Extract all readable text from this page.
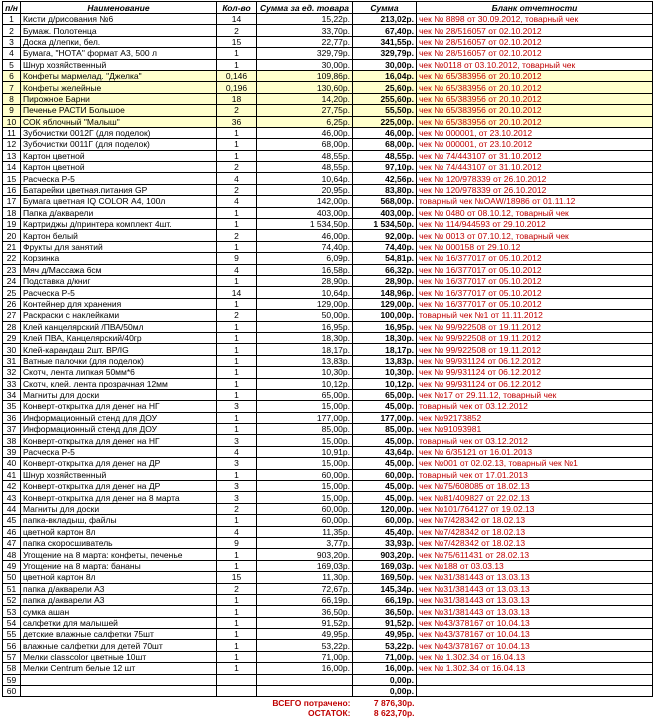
п/н	Наименование	Кол-во	Сумма за ед. товара	Сумма	Бланк отчетности
1	Кисти д/рисования №6	14	15,22р.	213,02р.	чек № 8898 от 30.09.2012, товарный чек
2	Бумаж. Полотенца	2	33,70р.	67,40р.	чек № 28/516057 от 02.10.2012
3	Доска д/лепки, бел.	15	22,77р.	341,55р.	чек № 28/516057 от 02.10.2012
4	Бумага, "НОТА" формат А3, 500 л	1	329,79р.	329,79р.	чек № 28/516057 от 02.10.2012
5	Шнур хозяйственный	1	30,00р.	30,00р.	чек №0118 от 03.10.2012, товарный чек
6	Конфеты мармелад. "Джелка"	0,146	109,86р.	16,04р.	чек № 65/383956 от 20.10.2012
7	Конфеты желейные	0,196	130,60р.	25,60р.	чек № 65/383956 от 20.10.2012
8	Пирожное Барни	18	14,20р.	255,60р.	чек № 65/383956 от 20.10.2012
9	Печенье РАСТИ Большое	2	27,75р.	55,50р.	чек № 65/383956 от 20.10.2012
10	СОК яблочный "Малыш"	36	6,25р.	225,00р.	чек № 65/383956 от 20.10.2012
11	Зубочистки 0012Г (для поделок)	1	46,00р.	46,00р.	чек № 000001, от 23.10.2012
12	Зубочистки 0011Г (для поделок)	1	68,00р.	68,00р.	чек № 000001, от 23.10.2012
13	Картон цветной	1	48,55р.	48,55р.	чек № 74/443107 от 31.10.2012
14	Картон цветной	2	48,55р.	97,10р.	чек № 74/443107 от 31.10.2012
15	Расческа Р-5	4	10,64р.	42,56р.	чек № 120/978339 от 26.10.2012
16	Батарейки цветная.питания GP	2	20,95р.	83,80р.	чек № 120/978339 от 26.10.2012
17	Бумага цветная IQ COLOR А4, 100л	4	142,00р.	568,00р.	товарный чек №ОАW/18986 от 01.11.12
18	Папка д/акварели	1	403,00р.	403,00р.	чек № 0480 от 08.10.12, товарный чек
19	Картриджы д/принтера комплект 4шт.	1	1 534,50р.	1 534,50р.	чек № 114/944593 от 29.10.2012
20	Картон белый	2	46,00р.	92,00р.	чек № 0013 от 07.10.12, товарный чек
21	Фрукты для занятий	1	74,40р.	74,40р.	чек № 000158 от 29.10.12
22	Корзинка	9	6,09р.	54,81р.	чек № 16/377017 от 05.10.2012
23	Мяч д/Массажа 6см	4	16,58р.	66,32р.	чек № 16/377017 от 05.10.2012
24	Подставка д/книг	1	28,90р.	28,90р.	чек № 16/377017 от 05.10.2012
25	Расческа Р-5	14	10,64р.	148,96р.	чек № 16/377017 от 05.10.2012
26	Контейнер для хранения	1	129,00р.	129,00р.	чек № 16/377017 от 05.10.2012
27	Раскраски с наклейками	2	50,00р.	100,00р.	товарный чек №1 от 11.11.2012
28	Клей канцелярский /ПВА/50мл	1	16,95р.	16,95р.	чек № 99/922508 от 19.11.2012
29	Клей ПВА, Канцелярский/40гр	1	18,30р.	18,30р.	чек № 99/922508 от 19.11.2012
30	Клей-карандаш 2шт. ВР/IG	1	18,17р.	18,17р.	чек № 99/922508 от 19.11.2012
31	Ватные палочки (для поделок)	1	13,83р.	13,83р.	чек № 99/931124 от 06.12.2012
32	Скотч, лента липкая 50мм*6	1	10,30р.	10,30р.	чек № 99/931124 от 06.12.2012
33	Скотч, клей. лента прозрачная 12мм	1	10,12р.	10,12р.	чек № 99/931124 от 06.12.2012
34	Магниты для доски	1	65,00р.	65,00р.	чек №17 от 29.11.12, товарный чек
35	Конверт-открытка для денег на НГ	3	15,00р.	45,00р.	товарный чек от 03.12.2012
36	Информационный стенд для ДОУ	1	177,00р.	177,00р.	чек №92173852
37	Информационный стенд для ДОУ	1	85,00р.	85,00р.	чек №91093981
38	Конверт-открытка для денег на НГ	3	15,00р.	45,00р.	товарный чек от 03.12.2012
39	Расческа Р-5	4	10,91р.	43,64р.	чек № 6/35121 от 16.01.2013
40	Конверт-открытка для денег на ДР	3	15,00р.	45,00р.	чек №001 от 02.02.13, товарный чек №1
41	Шнур хозяйственный	1	60,00р.	60,00р.	товарный чек от 17.01.2013
42	Конверт-открытка для денег на ДР	3	15,00р.	45,00р.	чек №75/608085 от 18.02.13
43	Конверт-открытка для денег на 8 марта	3	15,00р.	45,00р.	чек №81/409827 от 22.02.13
44	Магниты для доски	2	60,00р.	120,00р.	чек №101/764127 от 19.02.13
45	папка-вкладыш, файлы	1	60,00р.	60,00р.	чек №7/428342 от 18.02.13
46	цветной картон 8л	4	11,35р.	45,40р.	чек №7/428342 от 18.02.13
47	папка скоросшиватель	9	3,77р.	33,93р.	чек №7/428342 от 18.02.13
48	Угощение на 8 марта: конфеты, печенье	1	903,20р.	903,20р.	чек №75/611431 от 28.02.13
49	Угощение на 8 марта: бананы	1	169,03р.	169,03р.	чек №188 от 03.03.13
50	цветной картон 8л	15	11,30р.	169,50р.	чек №31/381443 от 13.03.13
51	папка д/акварели А3	2	72,67р.	145,34р.	чек №31/381443 от 13.03.13
52	папка д/акварели А3	1	66,19р.	66,19р.	чек №31/381443 от 13.03.13
53	сумка ашан	1	36,50р.	36,50р.	чек №31/381443 от 13.03.13
54	салфетки для малышей	1	91,52р.	91,52р.	чек №43/378167 от 10.04.13
55	детские влажные салфетки 75шт	1	49,95р.	49,95р.	чек №43/378167 от 10.04.13
56	влажные салфетки для детей 70шт	1	53,22р.	53,22р.	чек №43/378167 от 10.04.13
57	Мелки classcolor цветные 10шт	1	71,00р.	71,00р.	чек № 1.302.34 от 16.04.13
58	Мелки Centrum белые 12 шт	1	16,00р.	16,00р.	чек № 1.302.34 от 16.04.13
59				0,00р.	
60				0,00р.	
ВСЕГО потрачено:				7 876,30р.	
ОСТАТОК:				8 623,70р.	
